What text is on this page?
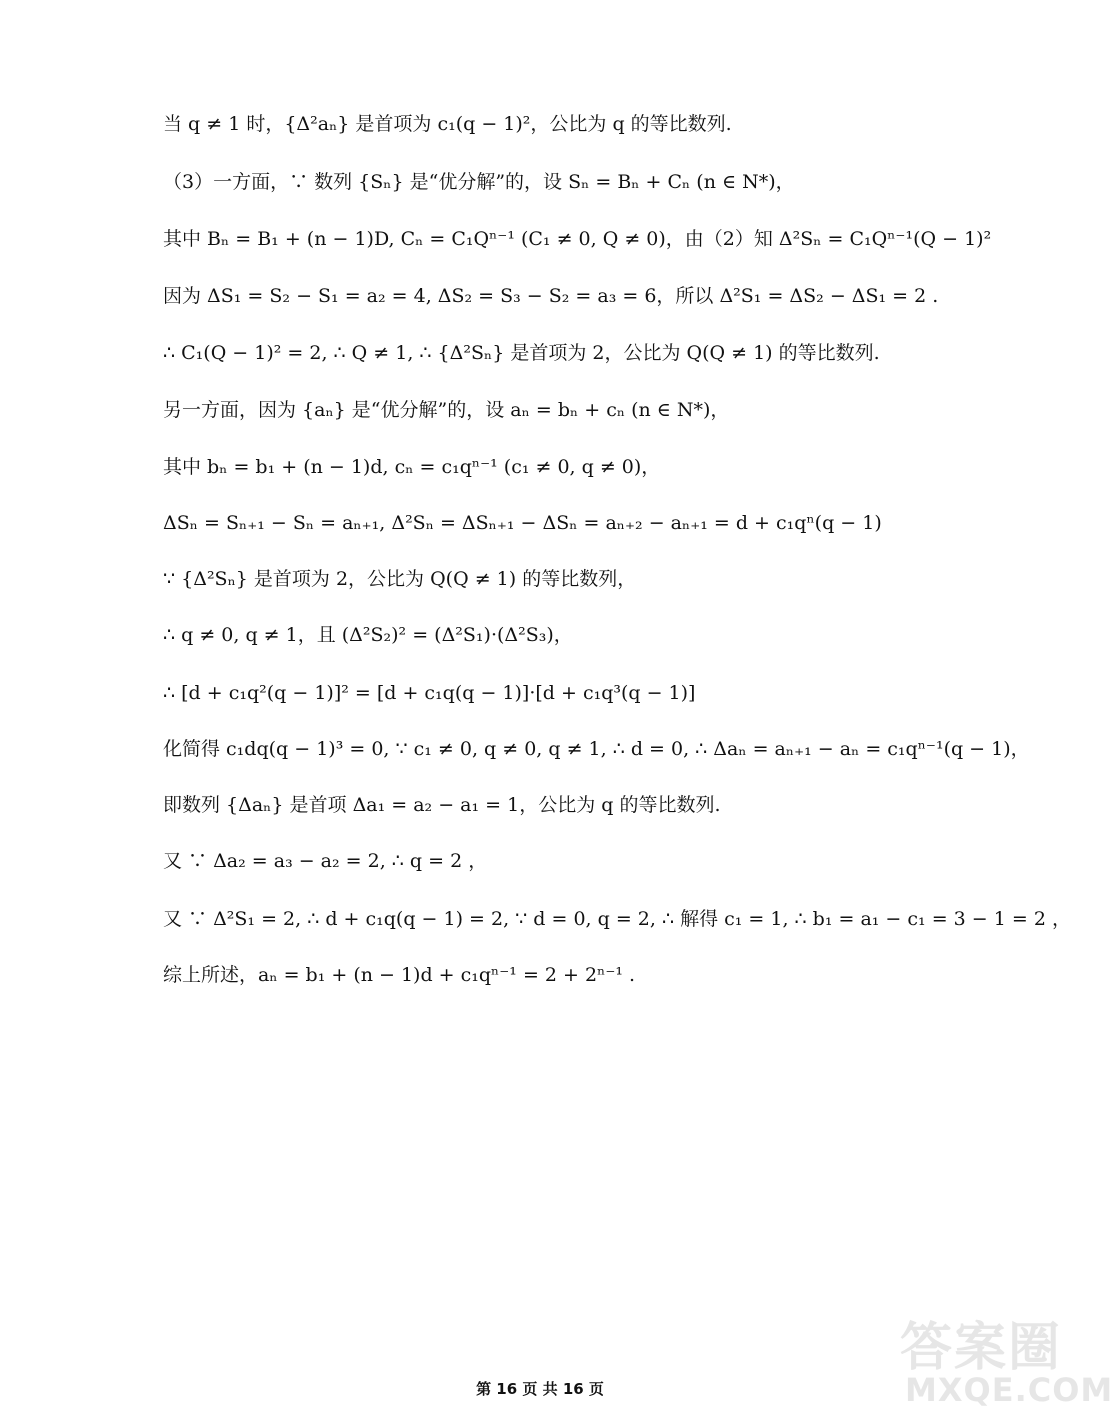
当 q ≠ 1 时，{Δ²aₙ} 是首项为 c₁(q − 1)²，公比为 q 的等比数列.
（3）一方面，∵ 数列 {Sₙ} 是“优分解”的，设 Sₙ = Bₙ + Cₙ (n ∈ N*)，
其中 Bₙ = B₁ + (n − 1)D, Cₙ = C₁Qⁿ⁻¹ (C₁ ≠ 0, Q ≠ 0)，由（2）知 Δ²Sₙ = C₁Qⁿ⁻¹(Q − 1)²
因为 ΔS₁ = S₂ − S₁ = a₂ = 4, ΔS₂ = S₃ − S₂ = a₃ = 6，所以 Δ²S₁ = ΔS₂ − ΔS₁ = 2 .
∴ C₁(Q − 1)² = 2, ∴ Q ≠ 1, ∴ {Δ²Sₙ} 是首项为 2，公比为 Q(Q ≠ 1) 的等比数列.
另一方面，因为 {aₙ} 是“优分解”的，设 aₙ = bₙ + cₙ (n ∈ N*)，
其中 bₙ = b₁ + (n − 1)d, cₙ = c₁qⁿ⁻¹ (c₁ ≠ 0, q ≠ 0)，
ΔSₙ = Sₙ₊₁ − Sₙ = aₙ₊₁, Δ²Sₙ = ΔSₙ₊₁ − ΔSₙ = aₙ₊₂ − aₙ₊₁ = d + c₁qⁿ(q − 1)
∵ {Δ²Sₙ} 是首项为 2，公比为 Q(Q ≠ 1) 的等比数列，
∴ q ≠ 0, q ≠ 1，且 (Δ²S₂)² = (Δ²S₁)·(Δ²S₃)，
∴ [d + c₁q²(q − 1)]² = [d + c₁q(q − 1)]·[d + c₁q³(q − 1)]
化简得 c₁dq(q − 1)³ = 0, ∵ c₁ ≠ 0, q ≠ 0, q ≠ 1, ∴ d = 0, ∴ Δaₙ = aₙ₊₁ − aₙ = c₁qⁿ⁻¹(q − 1)，
即数列 {Δaₙ} 是首项 Δa₁ = a₂ − a₁ = 1，公比为 q 的等比数列.
又 ∵ Δa₂ = a₃ − a₂ = 2, ∴ q = 2 ，
又 ∵ Δ²S₁ = 2, ∴ d + c₁q(q − 1) = 2, ∵ d = 0, q = 2, ∴ 解得 c₁ = 1, ∴ b₁ = a₁ − c₁ = 3 − 1 = 2 ，
综上所述，aₙ = b₁ + (n − 1)d + c₁qⁿ⁻¹ = 2 + 2ⁿ⁻¹ .
第 16 页 共 16 页
答案圈
MXQE.COM
